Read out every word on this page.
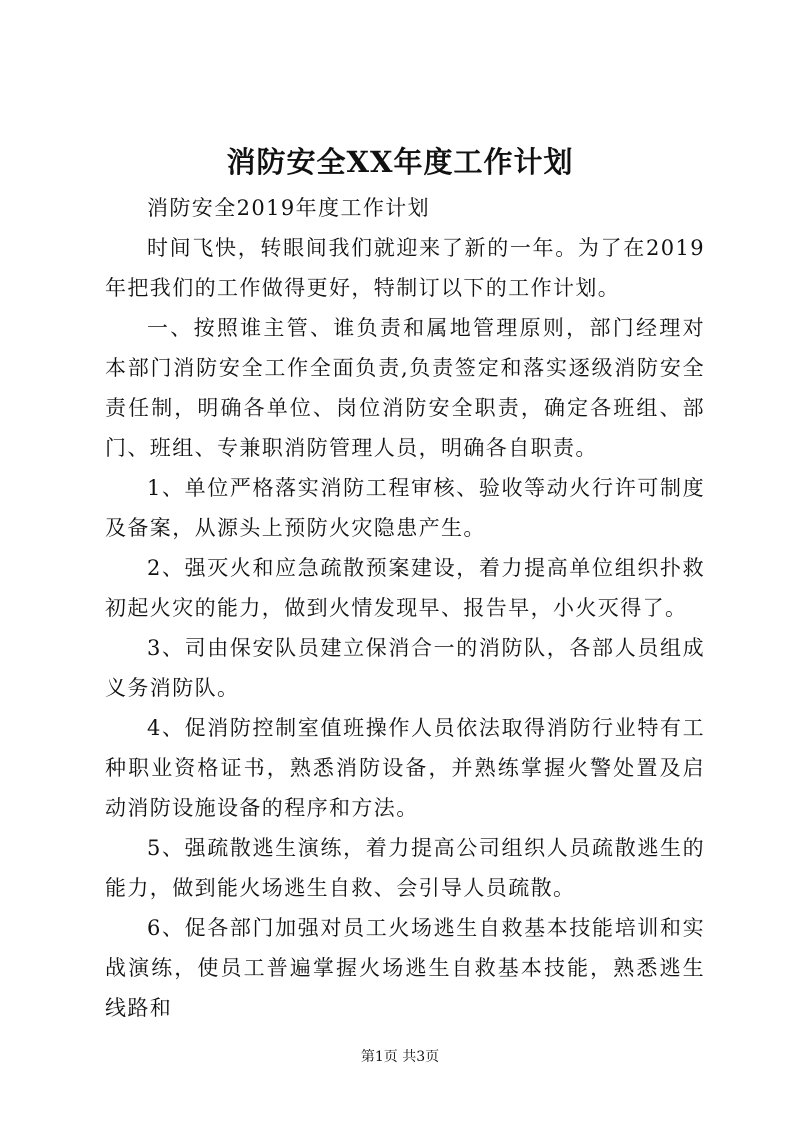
消防安全XX年度工作计划

消防安全2019年度工作计划

时间飞快，转眼间我们就迎来了新的一年。为了在2019年把我们的工作做得更好，特制订以下的工作计划。

一、按照谁主管、谁负责和属地管理原则，部门经理对本部门消防安全工作全面负责,负责签定和落实逐级消防安全责任制，明确各单位、岗位消防安全职责，确定各班组、部门、班组、专兼职消防管理人员，明确各自职责。

1、单位严格落实消防工程审核、验收等动火行许可制度及备案，从源头上预防火灾隐患产生。

2、强灭火和应急疏散预案建设，着力提高单位组织扑救初起火灾的能力，做到火情发现早、报告早，小火灭得了。

3、司由保安队员建立保消合一的消防队，各部人员组成义务消防队。

4、促消防控制室值班操作人员依法取得消防行业特有工种职业资格证书，熟悉消防设备，并熟练掌握火警处置及启动消防设施设备的程序和方法。

5、强疏散逃生演练，着力提高公司组织人员疏散逃生的能力，做到能火场逃生自救、会引导人员疏散。

6、促各部门加强对员工火场逃生自救基本技能培训和实战演练，使员工普遍掌握火场逃生自救基本技能，熟悉逃生线路和

第1页 共3页
